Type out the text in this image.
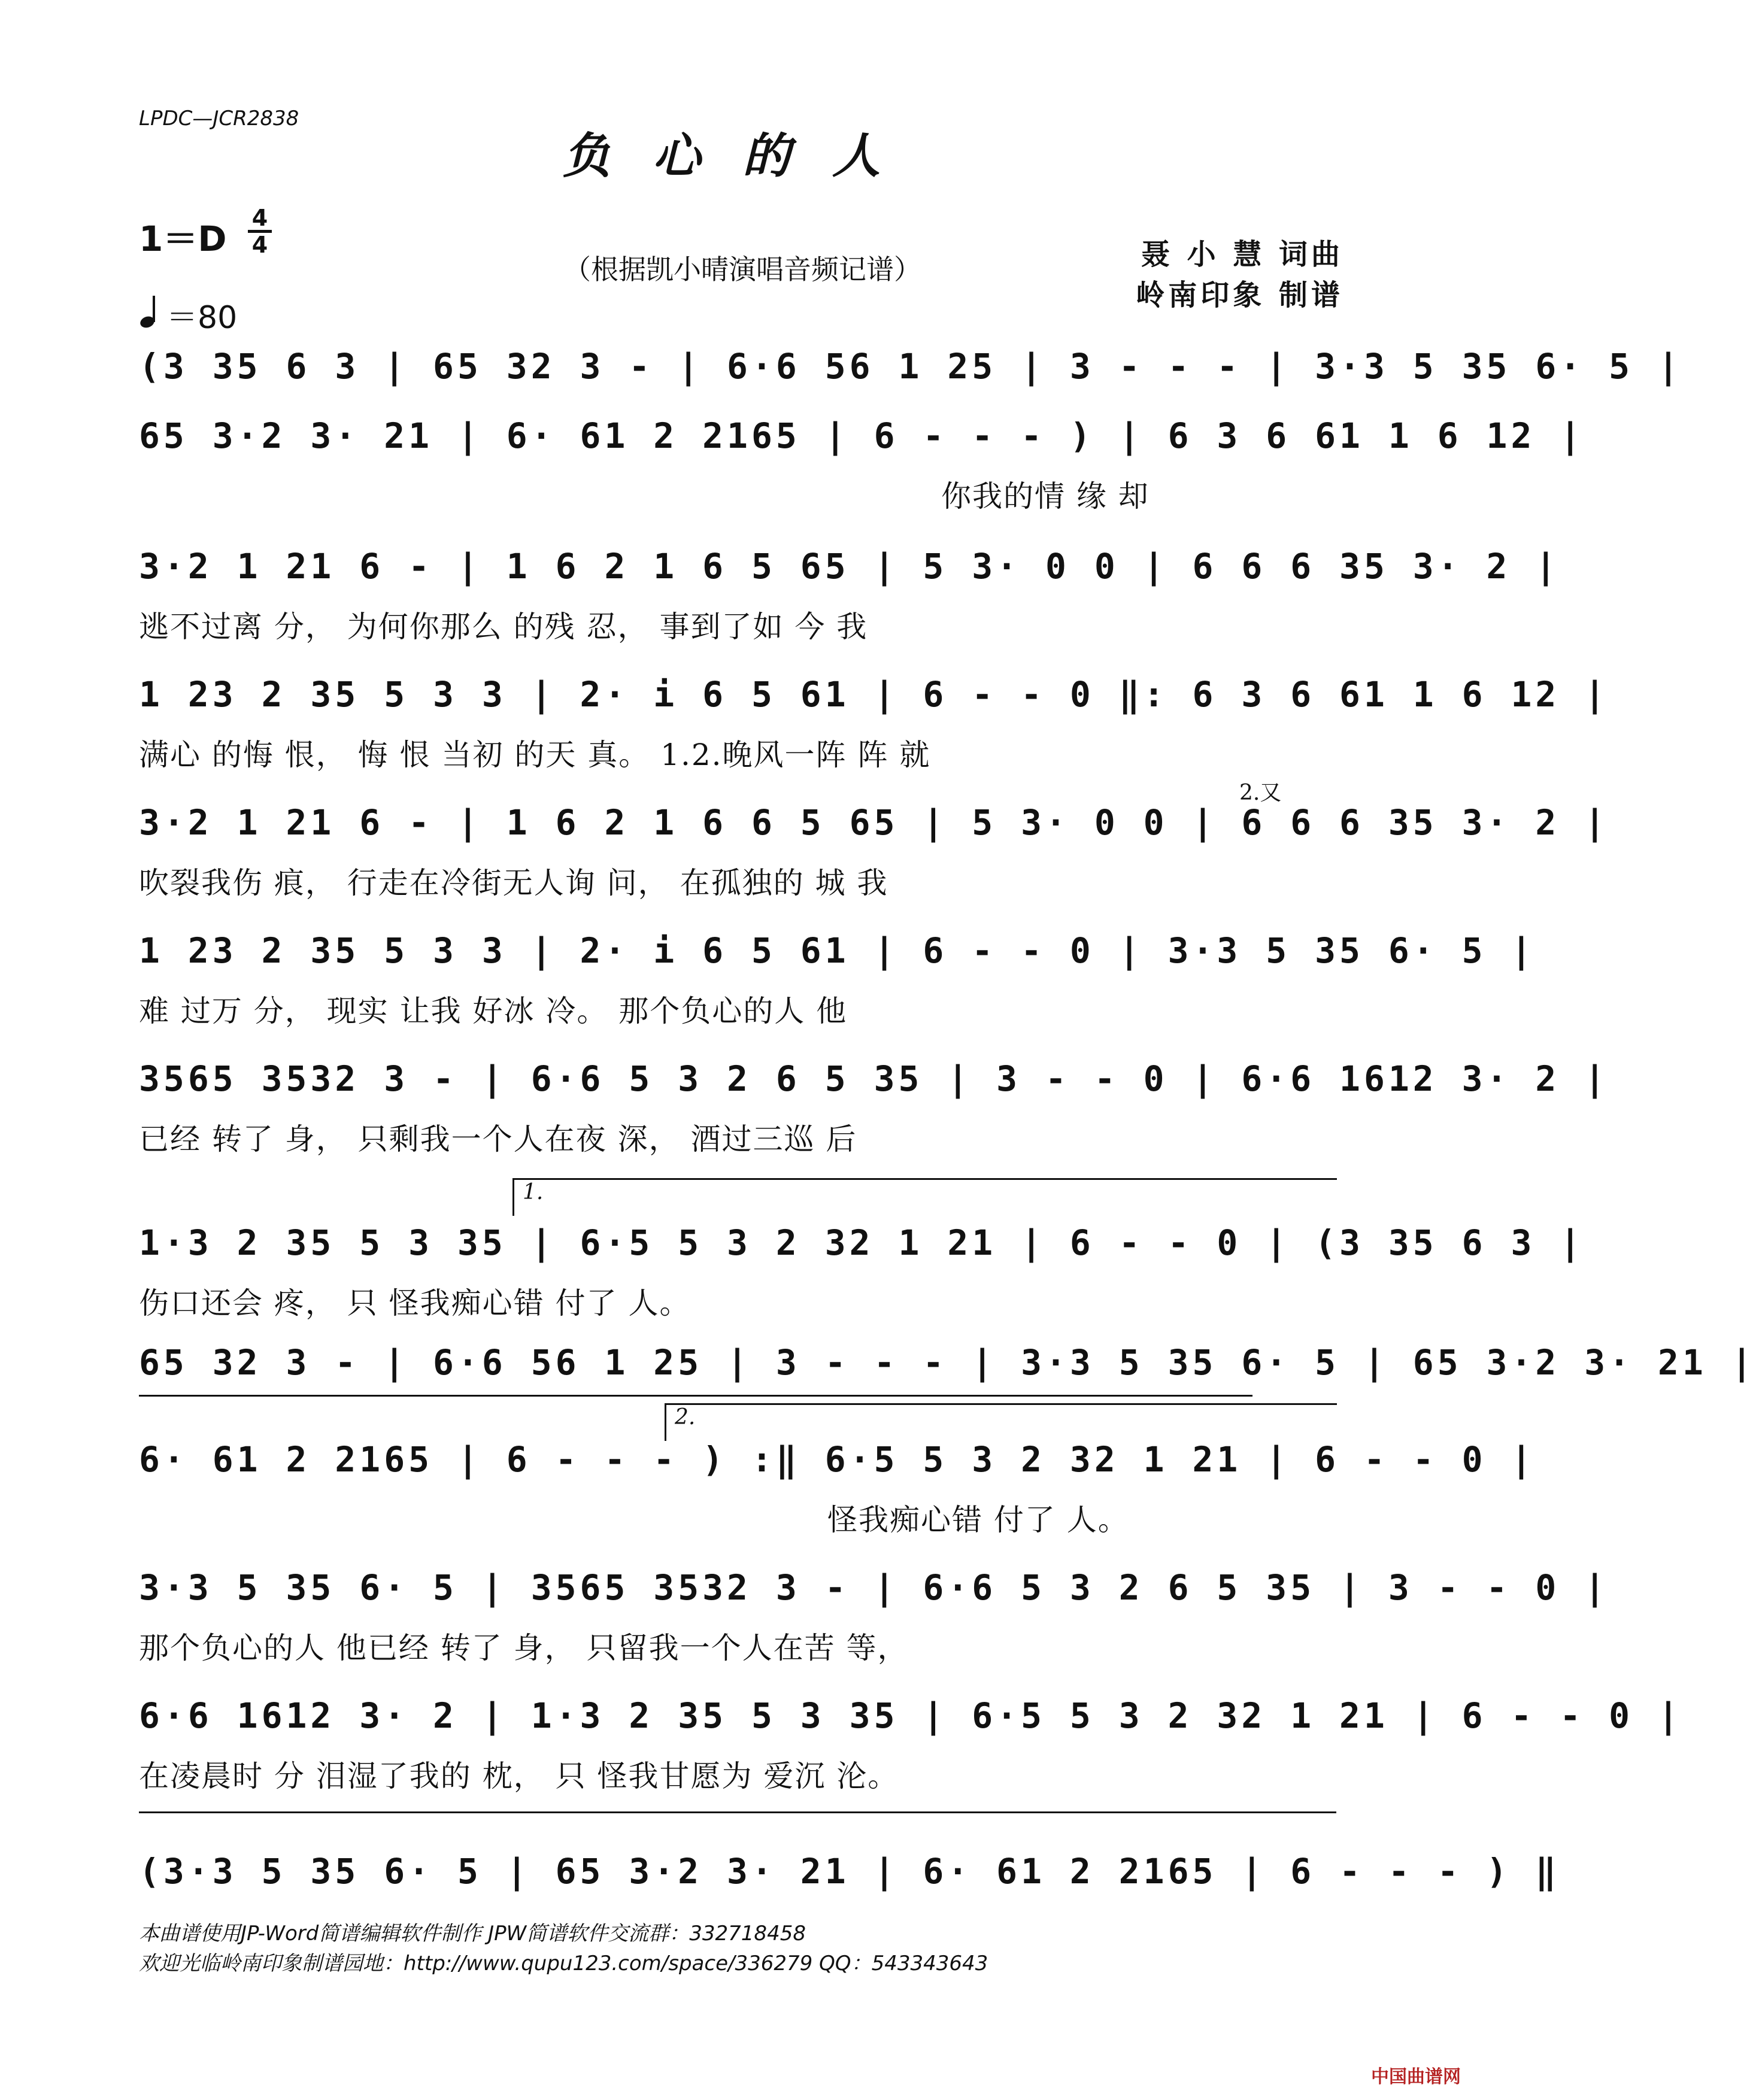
LPDC—JCR2838
负心的人
1＝D
4
4
＝80
（根据凯小晴演唱音频记谱）	聂 小 慧 词曲
岭南印象 制谱
(3 35 6 3 | 65 32 3 - | 6·6 56 1 25 | 3 - - - | 3·3 5 35 6· 5 |
65 3·2 3· 21 | 6· 61 2 2165 | 6 - - - ) | 6 3 6 61 1 6 12 |
你我的情 缘 却
3·2 1 21 6 - | 1 6 2 1 6 5 65 | 5 3· 0 0 | 6 6 6 35 3· 2 |
逃不过离 分， 为何你那么 的残 忍， 事到了如 今 我
1 23 2 35 5 3 3 | 2· i 6 5 61 | 6 - - 0 ‖: 6 3 6 61 1 6 12 |
满心 的悔 恨， 悔 恨 当初 的天 真。 1.2.晚风一阵 阵 就
2.又
3·2 1 21 6 - | 1 6 2 1 6 6 5 65 | 5 3· 0 0 | 6 6 6 35 3· 2 |
吹裂我伤 痕， 行走在冷街无人询 问， 在孤独的 城 我
1 23 2 35 5 3 3 | 2· i 6 5 61 | 6 - - 0 | 3·3 5 35 6· 5 |
难 过万 分， 现实 让我 好冰 冷。 那个负心的人 他
3565 3532 3 - | 6·6 5 3 2 6 5 35 | 3 - - 0 | 6·6 1612 3· 2 |
已经 转了 身， 只剩我一个人在夜 深， 酒过三巡 后
1.
1·3 2 35 5 3 35 | 6·5 5 3 2 32 1 21 | 6 - - 0 | (3 35 6 3 |
伤口还会 疼， 只 怪我痴心错 付了 人。
65 32 3 - | 6·6 56 1 25 | 3 - - - | 3·3 5 35 6· 5 | 65 3·2 3· 21 |
2.
6· 61 2 2165 | 6 - - - ) :‖ 6·5 5 3 2 32 1 21 | 6 - - 0 |
怪我痴心错 付了 人。
3·3 5 35 6· 5 | 3565 3532 3 - | 6·6 5 3 2 6 5 35 | 3 - - 0 |
那个负心的人 他已经 转了 身， 只留我一个人在苦 等，
6·6 1612 3· 2 | 1·3 2 35 5 3 35 | 6·5 5 3 2 32 1 21 | 6 - - 0 |
在凌晨时 分 泪湿了我的 枕， 只 怪我甘愿为 爱沉 沦。
(3·3 5 35 6· 5 | 65 3·2 3· 21 | 6· 61 2 2165 | 6 - - - ) ‖
本曲谱使用JP-Word简谱编辑软件制作 JPW简谱软件交流群：332718458
欢迎光临岭南印象制谱园地：http://www.qupu123.com/space/336279 QQ：543343643
中国曲谱网
